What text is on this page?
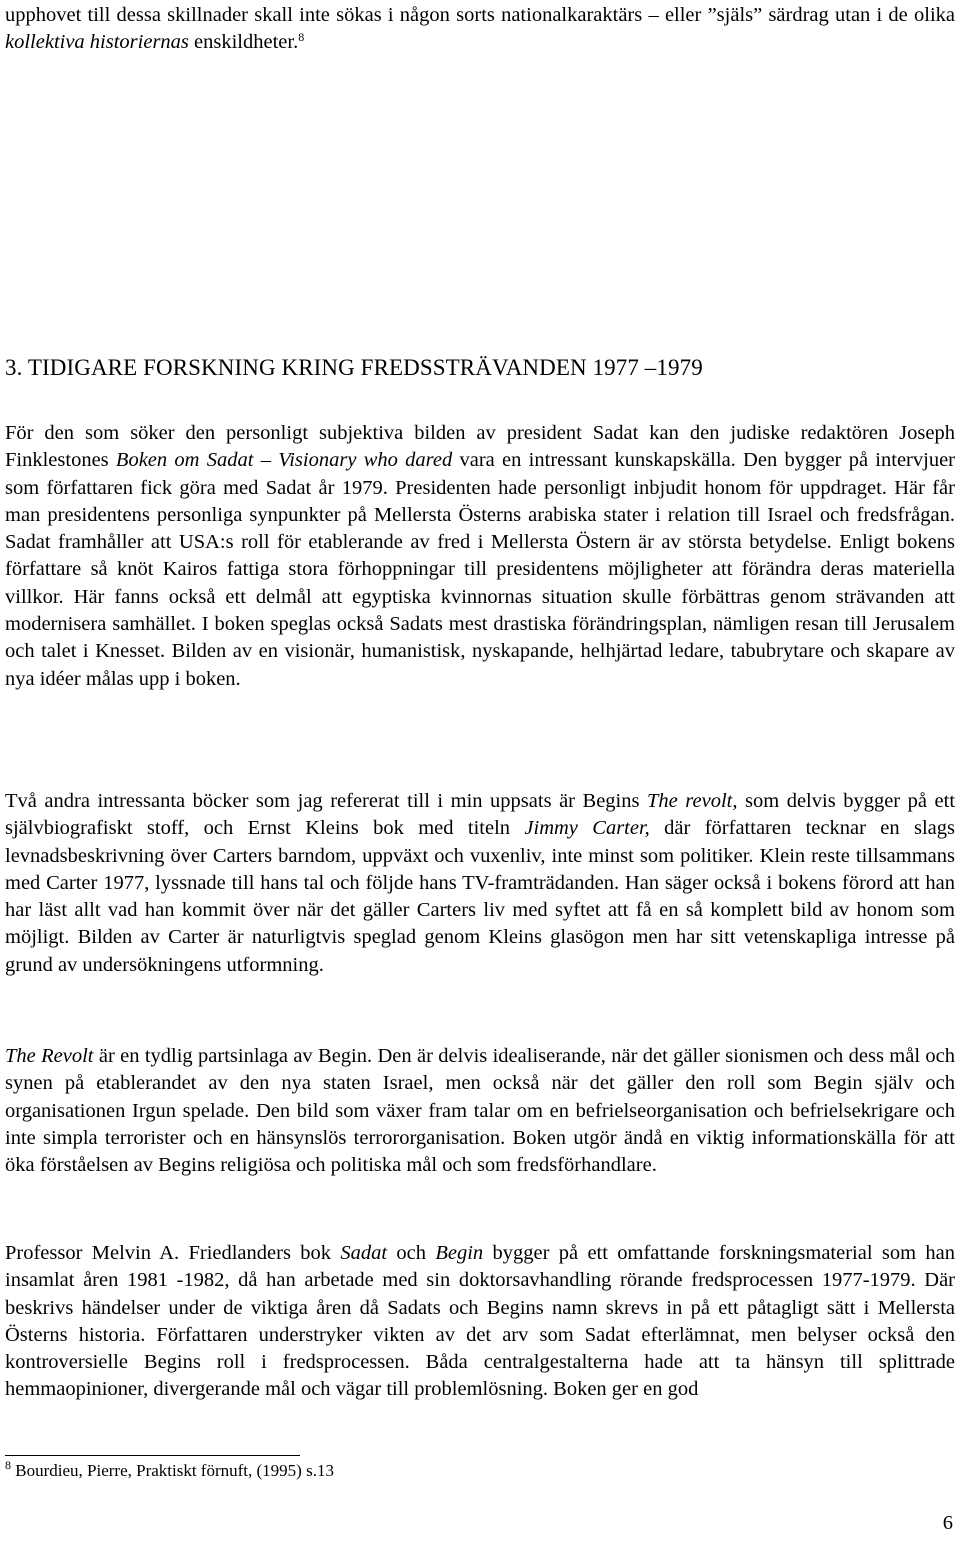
upphovet till dessa skillnader skall inte sökas i någon sorts nationalkaraktärs – eller ”själs” särdrag utan i de olika kollektiva historiernas enskildheter.$^8$

3. TIDIGARE FORSKNING KRING FREDSSTRÄVANDEN 1977 –1979

För den som söker den personligt subjektiva bilden av president Sadat kan den judiske redaktören Joseph Finklestones Boken om Sadat – Visionary who dared vara en intressant kunskapskälla. Den bygger på intervjuer som författaren fick göra med Sadat år 1979. Presidenten hade personligt inbjudit honom för uppdraget. Här får man presidentens personliga synpunkter på Mellersta Österns arabiska stater i relation till Israel och fredsfrågan. Sadat framhåller att USA:s roll för etablerande av fred i Mellersta Östern är av största betydelse. Enligt bokens författare så knöt Kairos fattiga stora förhoppningar till presidentens möjligheter att förändra deras materiella villkor. Här fanns också ett delmål att egyptiska kvinnornas situation skulle förbättras genom strävanden att modernisera samhället. I boken speglas också Sadats mest drastiska förändringsplan, nämligen resan till Jerusalem och talet i Knesset. Bilden av en visionär, humanistisk, nyskapande, helhjärtad ledare, tabubrytare och skapare av nya idéer målas upp i boken.

Två andra intressanta böcker som jag refererat till i min uppsats är Begins The revolt, som delvis bygger på ett självbiografiskt stoff, och Ernst Kleins bok med titeln Jimmy Carter, där författaren tecknar en slags levnadsbeskrivning över Carters barndom, uppväxt och vuxenliv, inte minst som politiker. Klein reste tillsammans med Carter 1977, lyssnade till hans tal och följde hans TV-framträdanden. Han säger också i bokens förord att han har läst allt vad han kommit över när det gäller Carters liv med syftet att få en så komplett bild av honom som möjligt. Bilden av Carter är naturligtvis speglad genom Kleins glasögon men har sitt vetenskapliga intresse på grund av undersökningens utformning.

The Revolt är en tydlig partsinlaga av Begin. Den är delvis idealiserande, när det gäller sionismen och dess mål och synen på etablerandet av den nya staten Israel, men också när det gäller den roll som Begin själv och organisationen Irgun spelade. Den bild som växer fram talar om en befrielseorganisation och befrielsekrigare och inte simpla terrorister och en hänsynslös terrororganisation. Boken utgör ändå en viktig informationskälla för att öka förståelsen av Begins religiösa och politiska mål och som fredsförhandlare.

Professor Melvin A. Friedlanders bok Sadat och Begin bygger på ett omfattande forskningsmaterial som han insamlat åren 1981 -1982, då han arbetade med sin doktorsavhandling rörande fredsprocessen 1977-1979. Där beskrivs händelser under de viktiga åren då Sadats och Begins namn skrevs in på ett påtagligt sätt i Mellersta Österns historia. Författaren understryker vikten av det arv som Sadat efterlämnat, men belyser också den kontroversielle Begins roll i fredsprocessen. Båda centralgestalterna hade att ta hänsyn till splittrade hemmaopinioner, divergerande mål och vägar till problemlösning. Boken ger en god

$^8$ Bourdieu, Pierre, Praktiskt förnuft, (1995) s.13

6
